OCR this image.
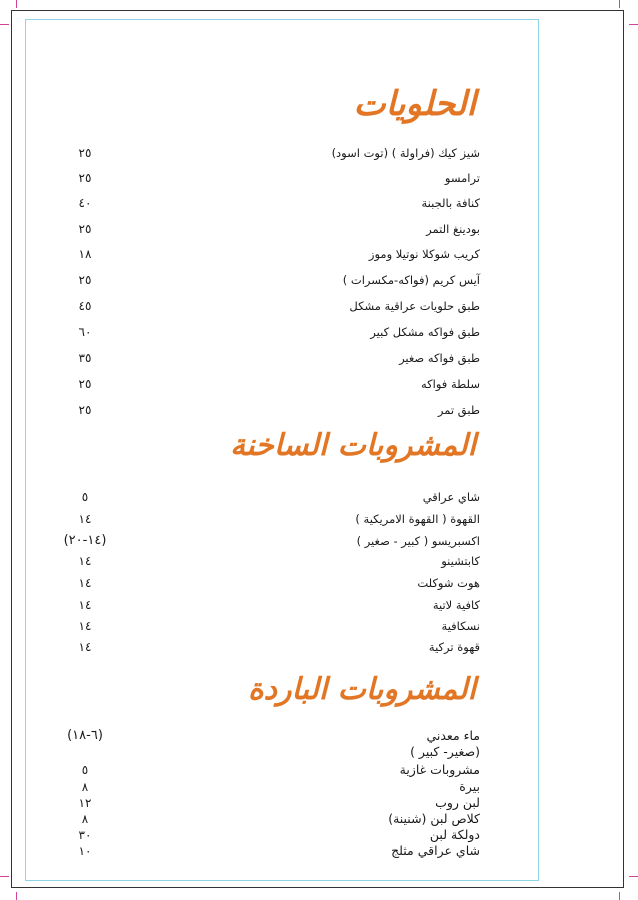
الحلويات
شيز كيك (فراولة ) (توت اسود)
٢٥
ترامسو
٢٥
كنافة بالجبنة
٤٠
بودينغ التمر
٢٥
كريب شوكلا نوتيلا وموز
١٨
آيس كريم (فواكه-مكسرات )
٢٥
طبق حلويات عراقية مشكل
٤٥
طبق فواكه مشكل كبير
٦٠
طبق فواكه صغير
٣٥
سلطة فواكه
٢٥
طبق تمر
٢٥
المشروبات الساخنة
شاي عراقي
٥
القهوة ( القهوة الامريكية )
١٤
اكسبريسو ( كبير - صغير )
(١٤-٢٠)
كابتشينو
١٤
هوت شوكلت
١٤
كافية لاتية
١٤
نسكافية
١٤
قهوة تركية
١٤
المشروبات الباردة
ماء معدني
(٦-١٨)
(صغير- كبير )
مشروبات غازية
٥
بيرة
٨
لبن روب
١٢
كلاص لبن (شنينة)
٨
دولكة لبن
٣٠
شاي عراقي مثلج
١٠
